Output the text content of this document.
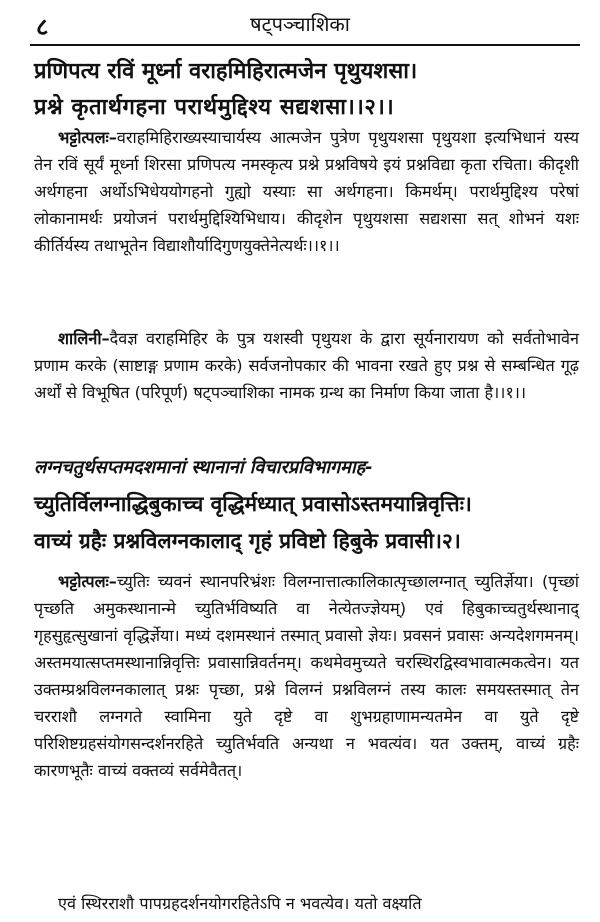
८	षट्पञ्चाशिका
प्रणिपत्य रविं मूर्ध्ना वराहमिहिरात्मजेन पृथुयशसा।
प्रश्ने कृतार्थगहना परार्थमुद्दिश्य सद्यशसा।।२।।
भट्टोत्पलः–वराहमिहिराख्यस्याचार्यस्य आत्मजेन पुत्रेण पृथुयशसा पृथुयशा इत्यभिधानं यस्य तेन रविं सूर्यं मूर्ध्ना शिरसा प्रणिपत्य नमस्कृत्य प्रश्ने प्रश्नविषये इयं प्रश्नविद्या कृता रचिता। कीदृशी अर्थगहना अर्थोऽभिधेययोगहनो गुह्यो यस्याः सा अर्थगहना। किमर्थम्। परार्थमुद्दिश्य परेषां लोकानामर्थः प्रयोजनं परार्थमुद्दिश्यिभिधाय। कीदृशेन पृथुयशसा सद्यशसा सत् शोभनं यशः कीर्तिर्यस्य तथाभूतेन विद्याशौर्यादिगुणयुक्तेनेत्यर्थः।।१।।
शालिनी–दैवज्ञ वराहमिहिर के पुत्र यशस्वी पृथुयश के द्वारा सूर्यनारायण को सर्वतोभावेन प्रणाम करके (साष्टाङ्ग प्रणाम करके) सर्वजनोपकार की भावना रखते हुए प्रश्न से सम्बन्धित गूढ़ अर्थों से विभूषित (परिपूर्ण) षट्पञ्चाशिका नामक ग्रन्थ का निर्माण किया जाता है।।१।।
लग्नचतुर्थसप्तमदशमानां स्थानानां विचारप्रविभागमाह-
च्युतिर्विलग्नाद्धिबुकाच्च वृद्धिर्मध्यात् प्रवासोऽस्तमयान्निवृत्तिः।
वाच्यं ग्रहैः प्रश्नविलग्नकालाद् गृहं प्रविष्टो हिबुके प्रवासी।२।
भट्टोत्पलः–च्युतिः च्यवनं स्थानपरिभ्रंशः विलग्नात्तात्कालिकात्पृच्छालग्नात् च्युतिर्ज्ञेया। (पृच्छां पृच्छति अमुकस्थानान्मे च्युतिर्भविष्यति वा नेत्येतज्ज्ञेयम्) एवं हिबुकाच्चतुर्थस्थानाद् गृहसुहृत्सुखानां वृद्धिर्ज्ञेया। मध्यं दशमस्थानं तस्मात् प्रवासो ज्ञेयः। प्रवसनं प्रवासः अन्यदेशगमनम्। अस्तमयात्सप्तमस्थानान्निवृत्तिः प्रवासान्निवर्तनम्। कथमेवमुच्यते चरस्थिरद्विस्वभावात्मकत्वेन। यत उक्तम्प्रश्नविलग्नकालात् प्रश्नः पृच्छा, प्रश्ने विलग्नं प्रश्नविलग्नं तस्य कालः समयस्तस्मात् तेन चरराशौ लग्नगते स्वामिना युते दृष्टे वा शुभग्रहाणामन्यतमेन वा युते दृष्टे परिशिष्टग्रहसंयोगसन्दर्शनरहिते च्युतिर्भवति अन्यथा न भवत्यंव। यत उक्तम्, वाच्यं ग्रहैः कारणभूतैः वाच्यं वक्तव्यं सर्वमेवैतत्।
एवं स्थिरराशौ पापग्रहदर्शनयोगरहितेऽपि न भवत्येव। यतो वक्ष्यति
